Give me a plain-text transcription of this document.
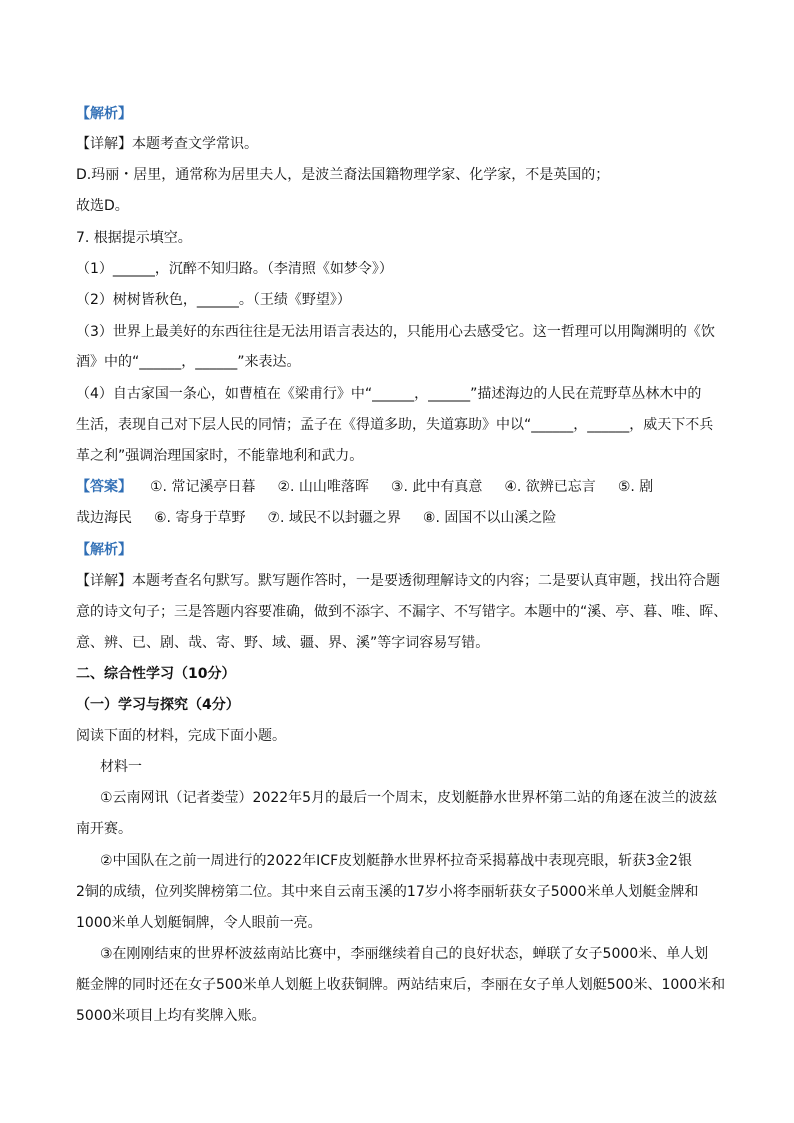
【解析】
【详解】本题考查文学常识。
D.玛丽・居里，通常称为居里夫人，是波兰裔法国籍物理学家、化学家，不是英国的；
故选D。
7. 根据提示填空。
（1）______，沉醉不知归路。（李清照《如梦令》）
（2）树树皆秋色，______。（王绩《野望》）
（3）世界上最美好的东西往往是无法用语言表达的，只能用心去感受它。这一哲理可以用陶渊明的《饮
酒》中的“______，______”来表达。
（4）自古家国一条心，如曹植在《梁甫行》中“______，______”描述海边的人民在荒野草丛林木中的
生活，表现自己对下层人民的同情；孟子在《得道多助，失道寡助》中以“______，______，威天下不兵
革之利”强调治理国家时，不能靠地利和武力。
【答案】 ①. 常记溪亭日暮 ②. 山山唯落晖 ③. 此中有真意 ④. 欲辨已忘言 ⑤. 剧
哉边海民 ⑥. 寄身于草野 ⑦. 域民不以封疆之界 ⑧. 固国不以山溪之险
【解析】
【详解】本题考查名句默写。默写题作答时，一是要透彻理解诗文的内容；二是要认真审题，找出符合题
意的诗文句子；三是答题内容要准确，做到不添字、不漏字、不写错字。本题中的“溪、亭、暮、唯、晖、
意、辨、已、剧、哉、寄、野、域、疆、界、溪”等字词容易写错。
二、综合性学习（10分）
（一）学习与探究（4分）
阅读下面的材料，完成下面小题。
材料一
①云南网讯（记者娄莹）2022年5月的最后一个周末，皮划艇静水世界杯第二站的角逐在波兰的波兹
南开赛。
②中国队在之前一周进行的2022年ICF皮划艇静水世界杯拉奇采揭幕战中表现亮眼，斩获3金2银
2铜的成绩，位列奖牌榜第二位。其中来自云南玉溪的17岁小将李丽斩获女子5000米单人划艇金牌和
1000米单人划艇铜牌，令人眼前一亮。
③在刚刚结束的世界杯波兹南站比赛中，李丽继续着自己的良好状态，蝉联了女子5000米、单人划
艇金牌的同时还在女子500米单人划艇上收获铜牌。两站结束后，李丽在女子单人划艇500米、1000米和
5000米项目上均有奖牌入账。
